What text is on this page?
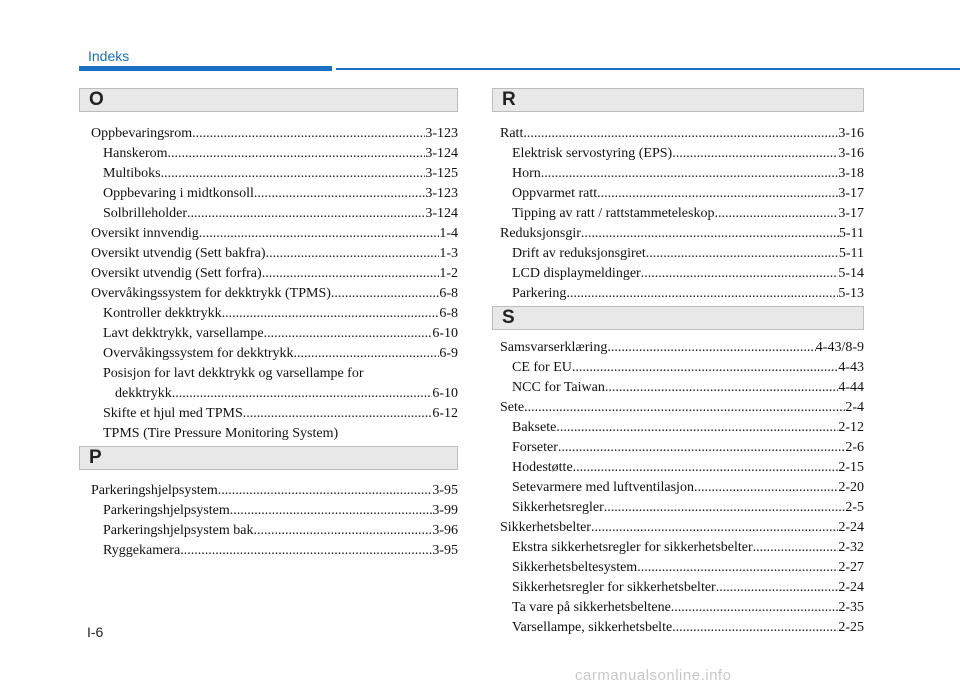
Indeks
O
Oppbevaringsrom .....	3-123
Hanskerom .....	3-124
Multiboks .....	3-125
Oppbevaring i midtkonsoll .....	3-123
Solbrilleholder .....	3-124
Oversikt innvendig .....	1-4
Oversikt utvendig (Sett bakfra) .....	1-3
Oversikt utvendig (Sett forfra) .....	1-2
Overvåkingssystem for dekktrykk (TPMS) .....	6-8
Kontroller dekktrykk .....	6-8
Lavt dekktrykk, varsellampe .....	6-10
Overvåkingssystem for dekktrykk .....	6-9
Posisjon for lavt dekktrykk og varsellampe for
dekktrykk .....	6-10
Skifte et hjul med TPMS .....	6-12
TPMS (Tire Pressure Monitoring System)
.....
P
Parkeringshjelpsystem .....	3-95
Parkeringshjelpsystem .....	3-99
Parkeringshjelpsystem bak .....	3-96
Ryggekamera .....	3-95
R
Ratt .....	3-16
Elektrisk servostyring (EPS) .....	3-16
Horn .....	3-18
Oppvarmet ratt .....	3-17
Tipping av ratt / rattstammeteleskop .....	3-17
Reduksjonsgir .....	5-11
Drift av reduksjonsgiret .....	5-11
LCD displaymeldinger .....	5-14
Parkering .....	5-13
S
Samsvarserklæring .....	4-43/8-9
CE for EU .....	4-43
NCC for Taiwan .....	4-44
Sete .....	2-4
Baksete .....	2-12
Forseter .....	2-6
Hodestøtte .....	2-15
Setevarmere med luftventilasjon .....	2-20
Sikkerhetsregler .....	2-5
Sikkerhetsbelter .....	2-24
Ekstra sikkerhetsregler for sikkerhetsbelter .....	2-32
Sikkerhetsbeltesystem .....	2-27
Sikkerhetsregler for sikkerhetsbelter .....	2-24
Ta vare på sikkerhetsbeltene .....	2-35
Varsellampe, sikkerhetsbelte .....	2-25
I-6
carmanualsonline.info
